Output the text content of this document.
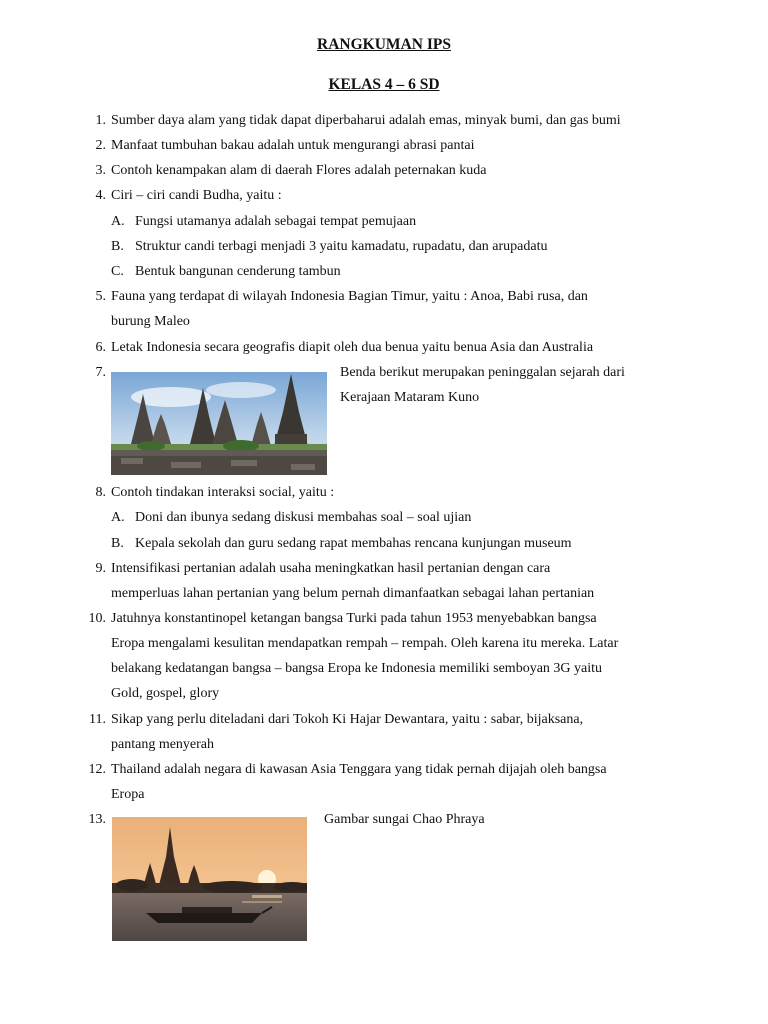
RANGKUMAN IPS
KELAS 4 – 6 SD
1. Sumber daya alam yang tidak dapat diperbaharui adalah emas, minyak bumi, dan gas bumi
2. Manfaat tumbuhan bakau adalah untuk mengurangi abrasi pantai
3. Contoh kenampakan alam di daerah Flores adalah peternakan kuda
4. Ciri – ciri candi Budha, yaitu :
A. Fungsi utamanya adalah sebagai tempat pemujaan
B. Struktur candi terbagi menjadi 3 yaitu kamadatu, rupadatu, dan arupadatu
C. Bentuk bangunan cenderung tambun
5. Fauna yang terdapat di wilayah Indonesia Bagian Timur, yaitu : Anoa, Babi rusa, dan
burung Maleo
6. Letak Indonesia secara geografis diapit oleh dua benua yaitu benua Asia dan Australia
7.	Benda berikut merupakan peninggalan sejarah dari
Kerajaan Mataram Kuno
8. Contoh tindakan interaksi social, yaitu :
A. Doni dan ibunya sedang diskusi membahas soal – soal ujian
B. Kepala sekolah dan guru sedang rapat membahas rencana kunjungan museum
9. Intensifikasi pertanian adalah usaha meningkatkan hasil pertanian dengan cara
memperluas lahan pertanian yang belum pernah dimanfaatkan sebagai lahan pertanian
10. Jatuhnya konstantinopel ketangan bangsa Turki pada tahun 1953 menyebabkan bangsa
Eropa mengalami kesulitan mendapatkan rempah – rempah. Oleh karena itu mereka. Latar
belakang kedatangan bangsa – bangsa Eropa ke Indonesia memiliki semboyan 3G yaitu
Gold, gospel, glory
11. Sikap yang perlu diteladani dari Tokoh Ki Hajar Dewantara, yaitu : sabar, bijaksana,
pantang menyerah
12. Thailand adalah negara di kawasan Asia Tenggara yang tidak pernah dijajah oleh bangsa
Eropa
13.	Gambar sungai Chao Phraya
